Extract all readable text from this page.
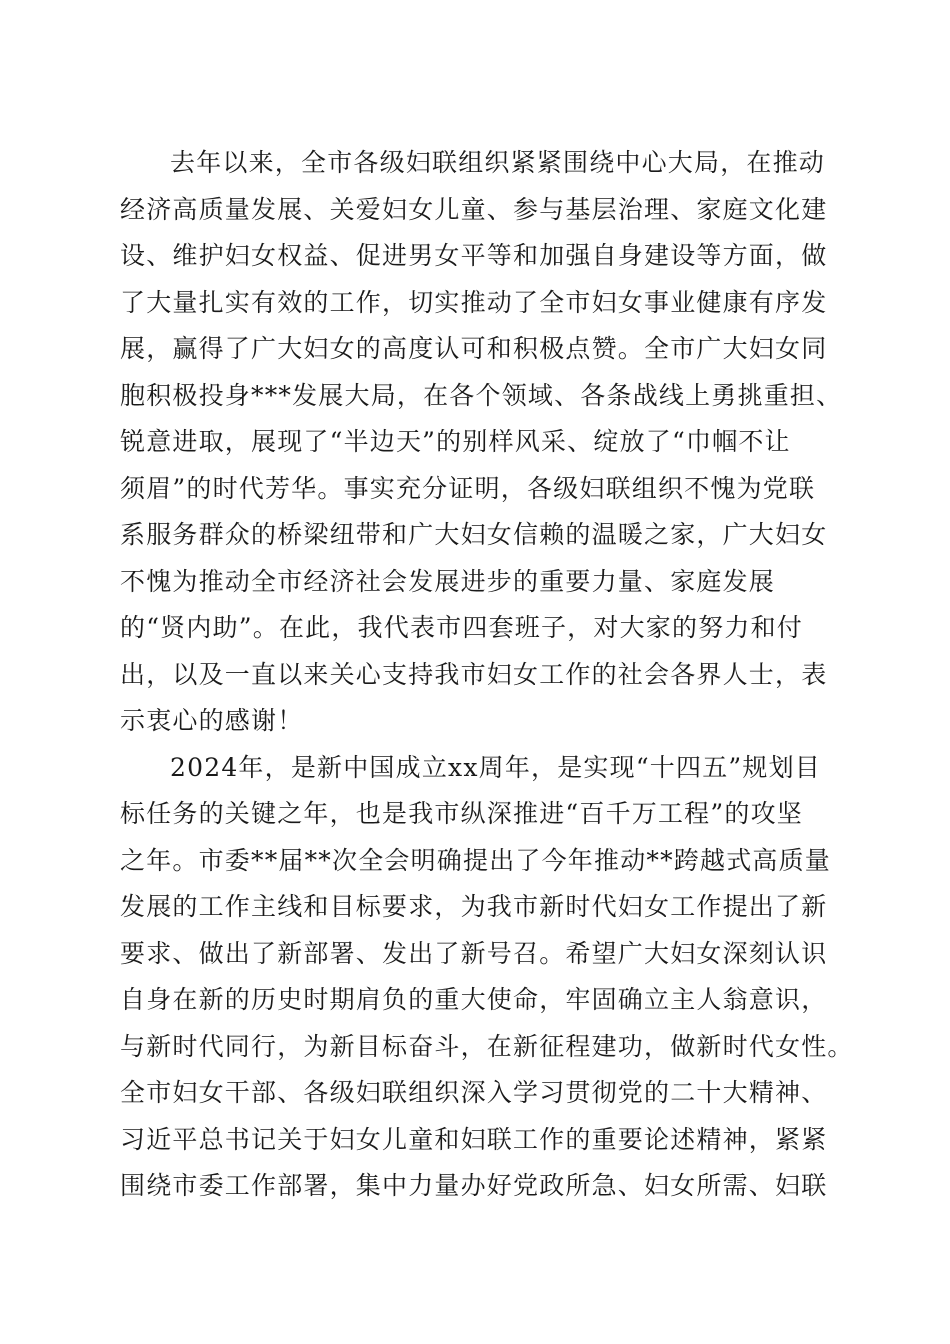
去年以来，全市各级妇联组织紧紧围绕中心大局，在推动
经济高质量发展、关爱妇女儿童、参与基层治理、家庭文化建
设、维护妇女权益、促进男女平等和加强自身建设等方面，做
了大量扎实有效的工作，切实推动了全市妇女事业健康有序发
展，赢得了广大妇女的高度认可和积极点赞。全市广大妇女同
胞积极投身***发展大局，在各个领域、各条战线上勇挑重担、
锐意进取，展现了“半边天”的别样风采、绽放了“巾帼不让
须眉”的时代芳华。事实充分证明，各级妇联组织不愧为党联
系服务群众的桥梁纽带和广大妇女信赖的温暖之家，广大妇女
不愧为推动全市经济社会发展进步的重要力量、家庭发展
的“贤内助”。在此，我代表市四套班子，对大家的努力和付
出，以及一直以来关心支持我市妇女工作的社会各界人士，表
示衷心的感谢！
2024年，是新中国成立xx周年，是实现“十四五”规划目
标任务的关键之年，也是我市纵深推进“百千万工程”的攻坚
之年。市委**届**次全会明确提出了今年推动**跨越式高质量
发展的工作主线和目标要求，为我市新时代妇女工作提出了新
要求、做出了新部署、发出了新号召。希望广大妇女深刻认识
自身在新的历史时期肩负的重大使命，牢固确立主人翁意识，
与新时代同行，为新目标奋斗，在新征程建功，做新时代女性。
全市妇女干部、各级妇联组织深入学习贯彻党的二十大精神、
习近平总书记关于妇女儿童和妇联工作的重要论述精神，紧紧
围绕市委工作部署，集中力量办好党政所急、妇女所需、妇联
